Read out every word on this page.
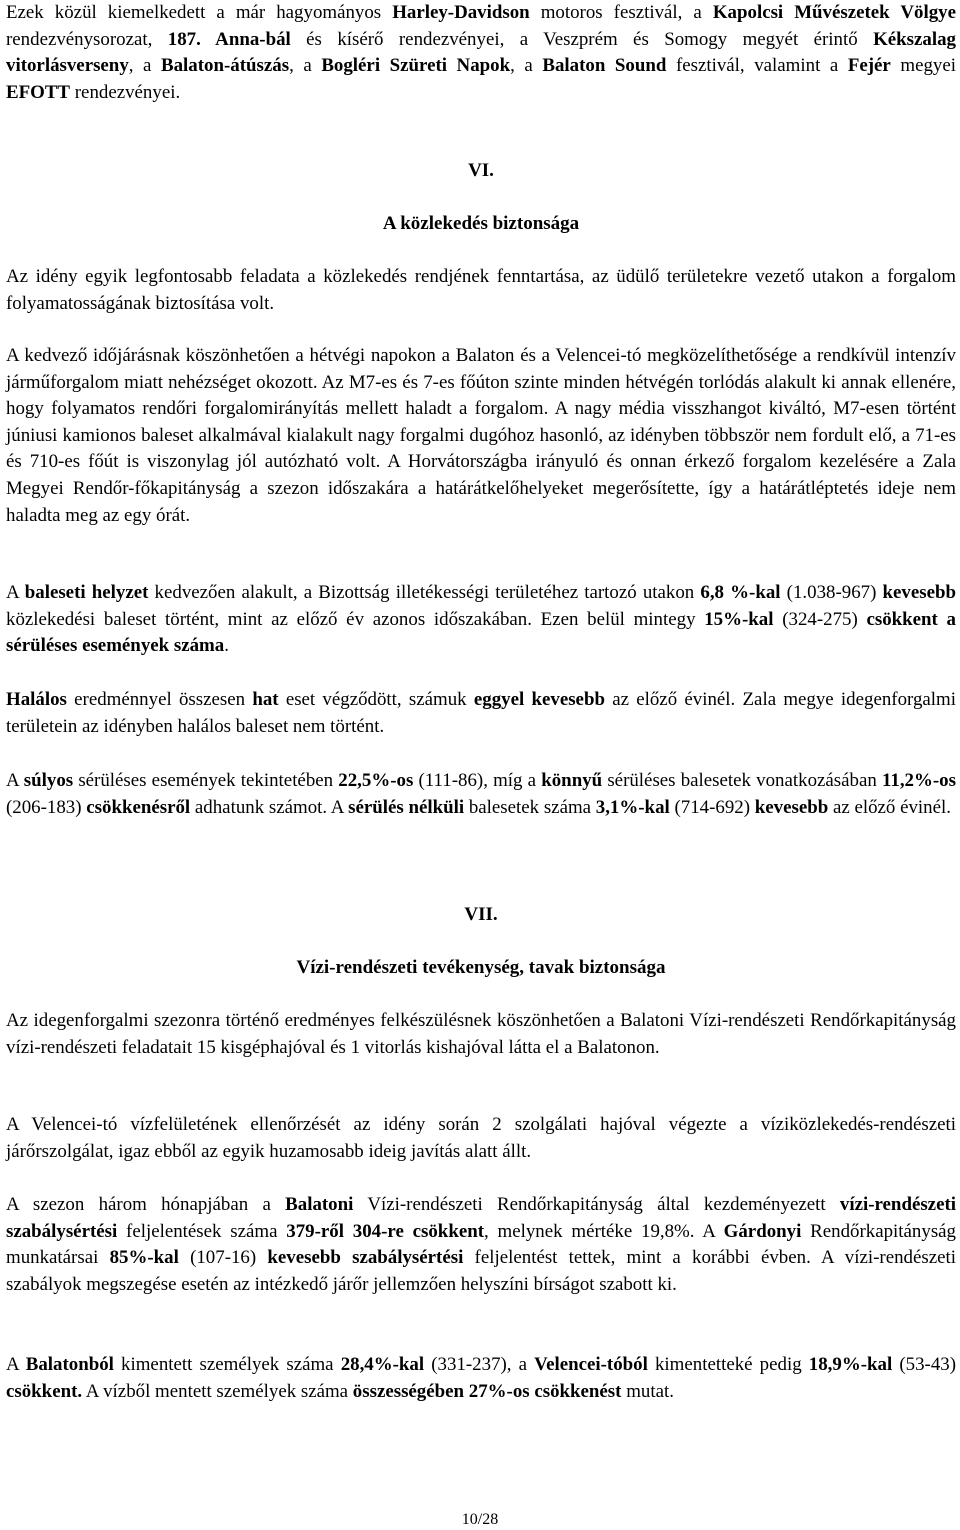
Ezek közül kiemelkedett a már hagyományos Harley-Davidson motoros fesztivál, a Kapolcsi Művészetek Völgye rendezvénysorozat, 187. Anna-bál és kísérő rendezvényei, a Veszprém és Somogy megyét érintő Kékszalag vitorlásverseny, a Balaton-átúszás, a Bogléri Szüreti Napok, a Balaton Sound fesztivál, valamint a Fejér megyei EFOTT rendezvényei.

VI.
A közlekedés biztonsága

Az idény egyik legfontosabb feladata a közlekedés rendjének fenntartása, az üdülő területekre vezető utakon a forgalom folyamatosságának biztosítása volt.

A kedvező időjárásnak köszönhetően a hétvégi napokon a Balaton és a Velencei-tó megközelíthetősége a rendkívül intenzív járműforgalom miatt nehézséget okozott. Az M7-es és 7-es főúton szinte minden hétvégén torlódás alakult ki annak ellenére, hogy folyamatos rendőri forgalomirányítás mellett haladt a forgalom. A nagy média visszhangot kiváltó, M7-esen történt júniusi kamionos baleset alkalmával kialakult nagy forgalmi dugóhoz hasonló, az idényben többször nem fordult elő, a 71-es és 710-es főút is viszonylag jól autózható volt. A Horvátországba irányuló és onnan érkező forgalom kezelésére a Zala Megyei Rendőr-főkapitányság a szezon időszakára a határátkelőhelyeket megerősítette, így a határátléptetés ideje nem haladta meg az egy órát.

A baleseti helyzet kedvezően alakult, a Bizottság illetékességi területéhez tartozó utakon 6,8 %-kal (1.038-967) kevesebb közlekedési baleset történt, mint az előző év azonos időszakában. Ezen belül mintegy 15%-kal (324-275) csökkent a sérüléses események száma.

Halálos eredménnyel összesen hat eset végződött, számuk eggyel kevesebb az előző évinél. Zala megye idegenforgalmi területein az idényben halálos baleset nem történt.

A súlyos sérüléses események tekintetében 22,5%-os (111-86), míg a könnyű sérüléses balesetek vonatkozásában 11,2%-os (206-183) csökkenésről adhatunk számot. A sérülés nélküli balesetek száma 3,1%-kal (714-692) kevesebb az előző évinél.

VII.
Vízi-rendészeti tevékenység, tavak biztonsága

Az idegenforgalmi szezonra történő eredményes felkészülésnek köszönhetően a Balatoni Vízi-rendészeti Rendőrkapitányság vízi-rendészeti feladatait 15 kisgéphajóval és 1 vitorlás kishajóval látta el a Balatonon.

A Velencei-tó vízfelületének ellenőrzését az idény során 2 szolgálati hajóval végezte a víziközlekedés-rendészeti járőrszolgálat, igaz ebből az egyik huzamosabb ideig javítás alatt állt.

A szezon három hónapjában a Balatoni Vízi-rendészeti Rendőrkapitányság által kezdeményezett vízi-rendészeti szabálysértési feljelentések száma 379-ről 304-re csökkent, melynek mértéke 19,8%. A Gárdonyi Rendőrkapitányság munkatársai 85%-kal (107-16) kevesebb szabálysértési feljelentést tettek, mint a korábbi évben. A vízi-rendészeti szabályok megszegése esetén az intézkedő járőr jellemzően helyszíni bírságot szabott ki.

A Balatonból kimentett személyek száma 28,4%-kal (331-237), a Velencei-tóból kimentetteké pedig 18,9%-kal (53-43) csökkent. A vízből mentett személyek száma összességében 27%-os csökkenést mutat.

10/28
